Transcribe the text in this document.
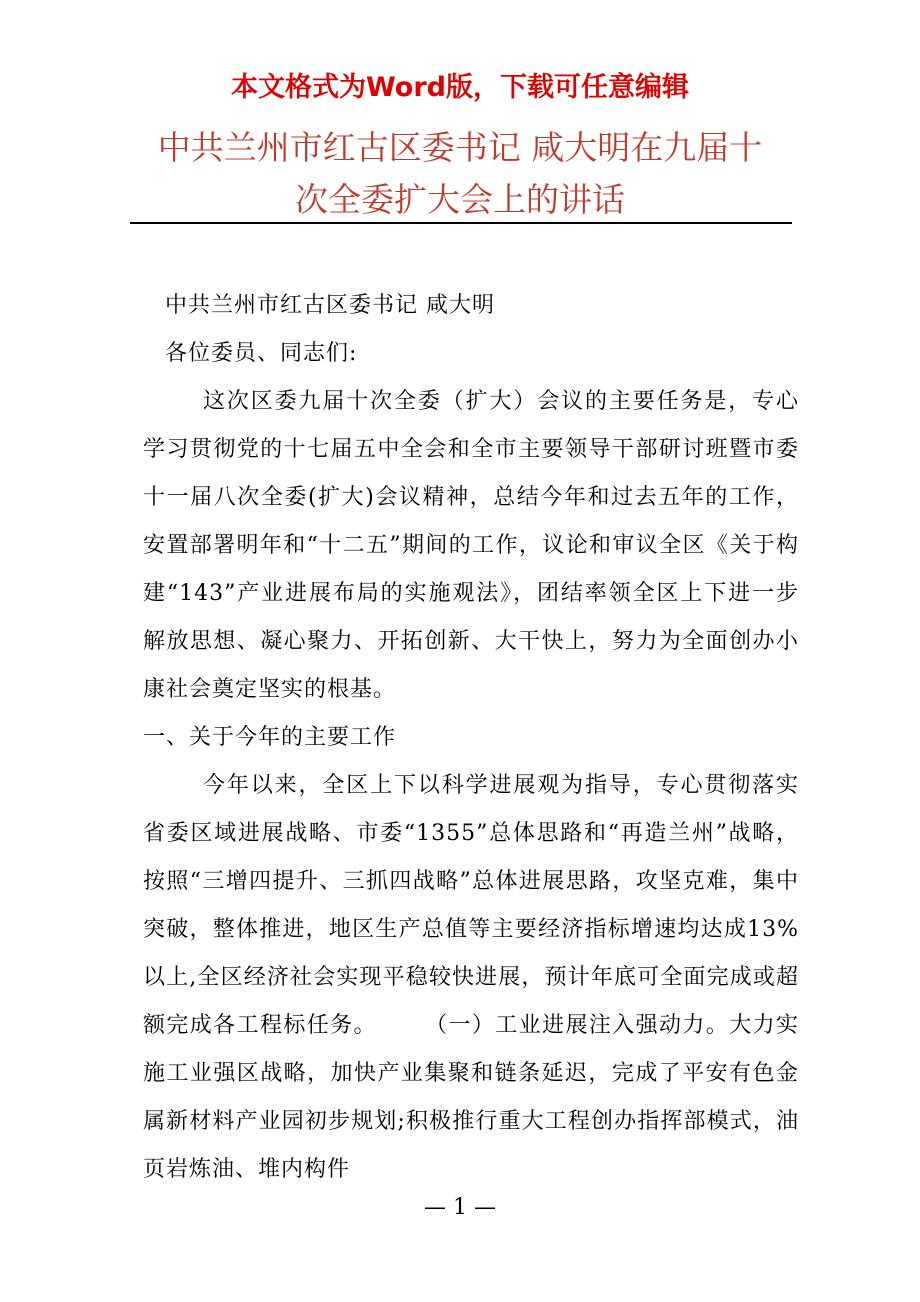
本文格式为Word版，下载可任意编辑
中共兰州市红古区委书记 咸大明在九届十
次全委扩大会上的讲话

中共兰州市红古区委书记 咸大明

各位委员、同志们:

这次区委九届十次全委（扩大）会议的主要任务是，专心学习贯彻党的十七届五中全会和全市主要领导干部研讨班暨市委十一届八次全委(扩大)会议精神，总结今年和过去五年的工作，安置部署明年和“十二五”期间的工作，议论和审议全区《关于构建“143”产业进展布局的实施观法》，团结率领全区上下进一步解放思想、凝心聚力、开拓创新、大干快上，努力为全面创办小康社会奠定坚实的根基。

一、关于今年的主要工作

今年以来，全区上下以科学进展观为指导，专心贯彻落实省委区域进展战略、市委“1355”总体思路和“再造兰州”战略，按照“三增四提升、三抓四战略”总体进展思路，攻坚克难，集中突破，整体推进，地区生产总值等主要经济指标增速均达成13%以上,全区经济社会实现平稳较快进展，预计年底可全面完成或超额完成各工程标任务。　　　（一）工业进展注入强动力。大力实施工业强区战略，加快产业集聚和链条延迟，完成了平安有色金属新材料产业园初步规划;积极推行重大工程创办指挥部模式，油页岩炼油、堆内构件

— 1 —
